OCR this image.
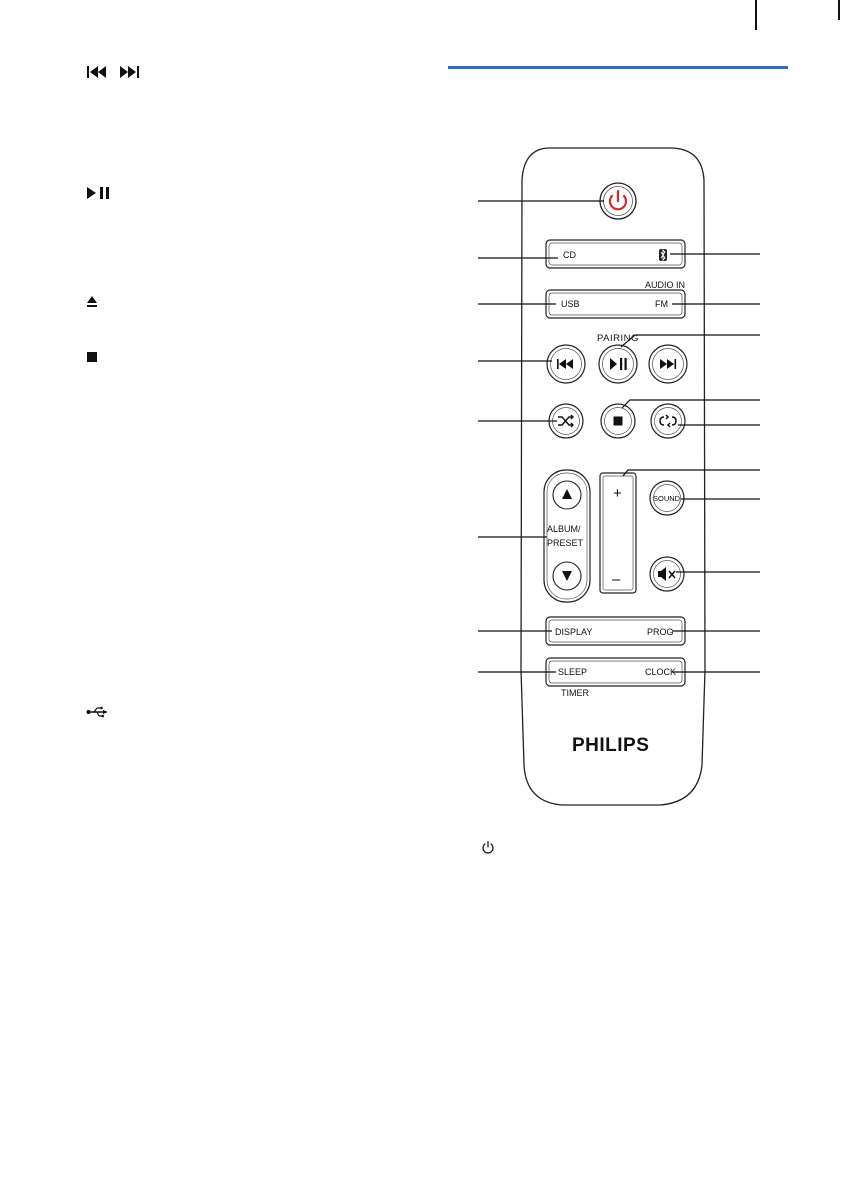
CD
AUDIO IN
USB	FM
PAIRING
ALBUM/
PRESET
+
–
SOUND
DISPLAY	PROG
SLEEP	CLOCK
TIMER
PHILIPS
